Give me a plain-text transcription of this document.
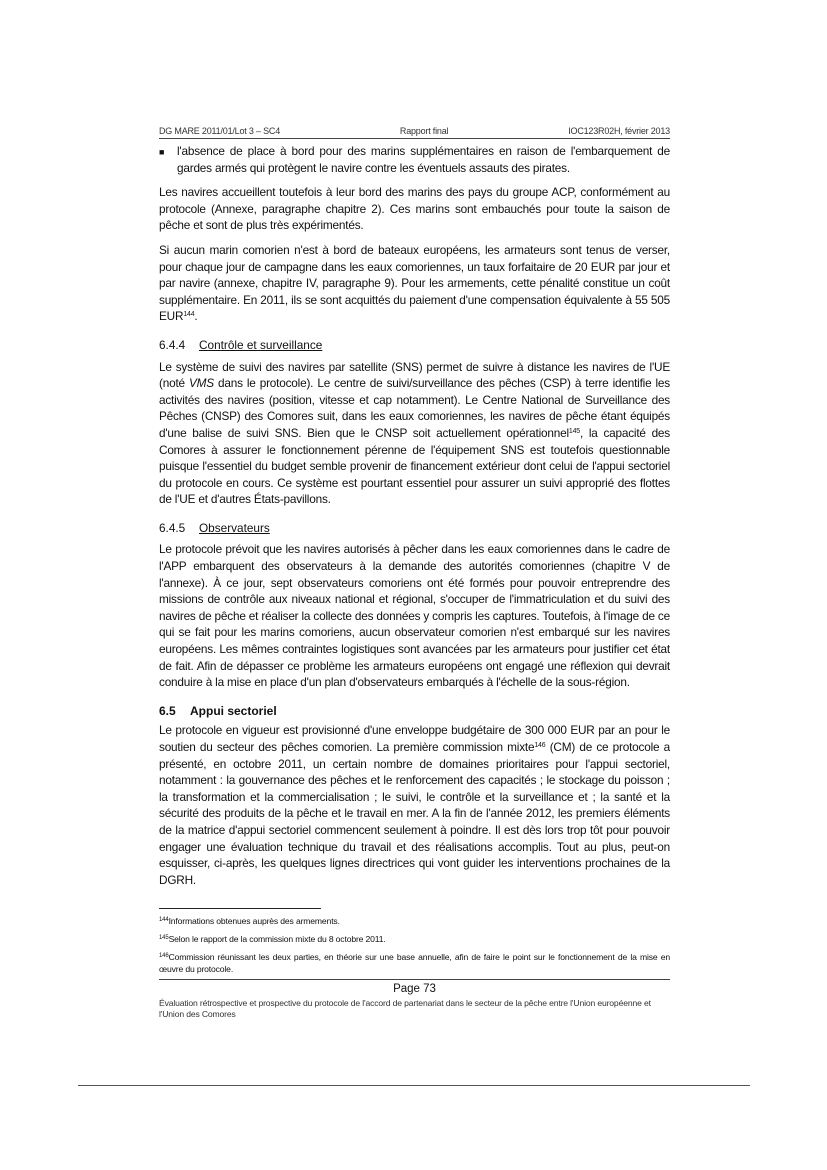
DG MARE 2011/01/Lot 3 – SC4	Rapport final	IOC123R02H, février 2013
■	l'absence de place à bord pour des marins supplémentaires en raison de l'embarquement de gardes armés qui protègent le navire contre les éventuels assauts des pirates.

Les navires accueillent toutefois à leur bord des marins des pays du groupe ACP, conformément au protocole (Annexe, paragraphe chapitre 2). Ces marins sont embauchés pour toute la saison de pêche et sont de plus très expérimentés.

Si aucun marin comorien n'est à bord de bateaux européens, les armateurs sont tenus de verser, pour chaque jour de campagne dans les eaux comoriennes, un taux forfaitaire de 20 EUR par jour et par navire (annexe, chapitre IV, paragraphe 9). Pour les armements, cette pénalité constitue un coût supplémentaire. En 2011, ils se sont acquittés du paiement d'une compensation équivalente à 55 505 EUR$^{144}$.

6.4.4 Contrôle et surveillance

Le système de suivi des navires par satellite (SNS) permet de suivre à distance les navires de l'UE (noté VMS dans le protocole). Le centre de suivi/surveillance des pêches (CSP) à terre identifie les activités des navires (position, vitesse et cap notamment). Le Centre National de Surveillance des Pêches (CNSP) des Comores suit, dans les eaux comoriennes, les navires de pêche étant équipés d'une balise de suivi SNS. Bien que le CNSP soit actuellement opérationnel$^{145}$, la capacité des Comores à assurer le fonctionnement pérenne de l'équipement SNS est toutefois questionnable puisque l'essentiel du budget semble provenir de financement extérieur dont celui de l'appui sectoriel du protocole en cours. Ce système est pourtant essentiel pour assurer un suivi approprié des flottes de l'UE et d'autres États-pavillons.

6.4.5 Observateurs

Le protocole prévoit que les navires autorisés à pêcher dans les eaux comoriennes dans le cadre de l'APP embarquent des observateurs à la demande des autorités comoriennes (chapitre V de l'annexe). À ce jour, sept observateurs comoriens ont été formés pour pouvoir entreprendre des missions de contrôle aux niveaux national et régional, s'occuper de l'immatriculation et du suivi des navires de pêche et réaliser la collecte des données y compris les captures. Toutefois, à l'image de ce qui se fait pour les marins comoriens, aucun observateur comorien n'est embarqué sur les navires européens. Les mêmes contraintes logistiques sont avancées par les armateurs pour justifier cet état de fait. Afin de dépasser ce problème les armateurs européens ont engagé une réflexion qui devrait conduire à la mise en place d'un plan d'observateurs embarqués à l'échelle de la sous-région.

6.5 Appui sectoriel

Le protocole en vigueur est provisionné d'une enveloppe budgétaire de 300 000 EUR par an pour le soutien du secteur des pêches comorien. La première commission mixte$^{146}$ (CM) de ce protocole a présenté, en octobre 2011, un certain nombre de domaines prioritaires pour l'appui sectoriel, notamment : la gouvernance des pêches et le renforcement des capacités ; le stockage du poisson ; la transformation et la commercialisation ; le suivi, le contrôle et la surveillance et ; la santé et la sécurité des produits de la pêche et le travail en mer. A la fin de l'année 2012, les premiers éléments de la matrice d'appui sectoriel commencent seulement à poindre. Il est dès lors trop tôt pour pouvoir engager une évaluation technique du travail et des réalisations accomplis. Tout au plus, peut-on esquisser, ci-après, les quelques lignes directrices qui vont guider les interventions prochaines de la DGRH.

$^{144}$Informations obtenues auprès des armements.
$^{145}$Selon le rapport de la commission mixte du 8 octobre 2011.
$^{146}$Commission réunissant les deux parties, en théorie sur une base annuelle, afin de faire le point sur le fonctionnement de la mise en œuvre du protocole.
Page 73
Évaluation rétrospective et prospective du protocole de l'accord de partenariat dans le secteur de la pêche entre l'Union européenne et l'Union des Comores
